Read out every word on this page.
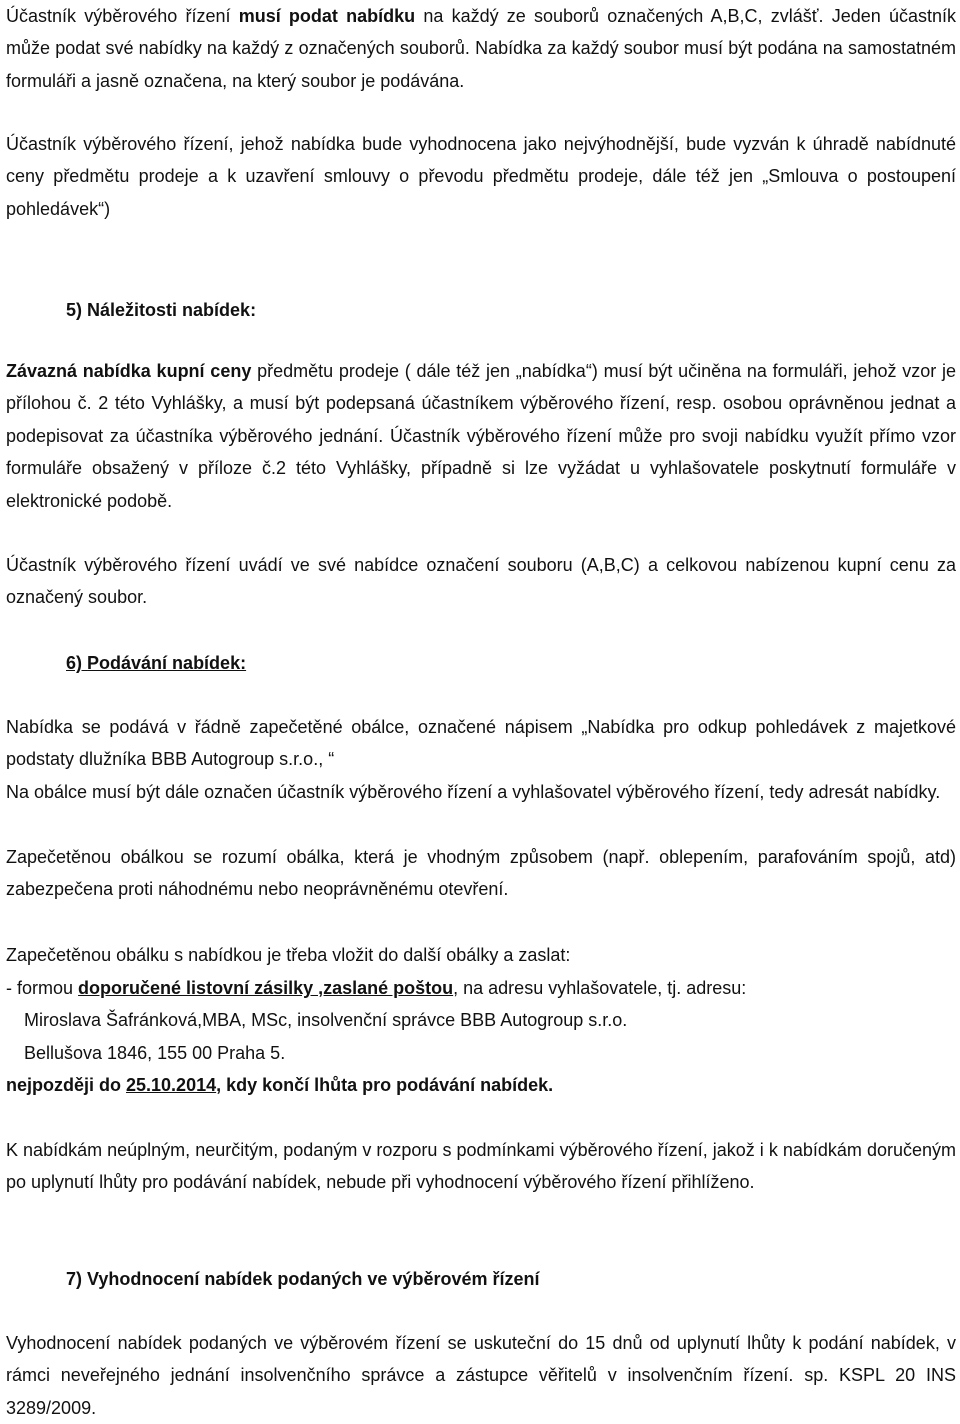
Účastník výběrového řízení musí podat nabídku na každý ze souborů označených A,B,C, zvlášť. Jeden účastník může podat své nabídky na každý z označených souborů. Nabídka za každý soubor musí být podána na samostatném formuláři a jasně označena, na který soubor je podávána.

Účastník výběrového řízení, jehož nabídka bude vyhodnocena jako nejvýhodnější, bude vyzván k úhradě nabídnuté ceny předmětu prodeje a k uzavření smlouvy o převodu předmětu prodeje, dále též jen „Smlouva o postoupení pohledávek“)

5) Náležitosti nabídek:

Závazná nabídka kupní ceny předmětu prodeje ( dále též jen „nabídka“) musí být učiněna na formuláři, jehož vzor je přílohou č. 2 této Vyhlášky, a musí být podepsaná účastníkem výběrového řízení, resp. osobou oprávněnou jednat a podepisovat za účastníka výběrového jednání. Účastník výběrového řízení může pro svoji nabídku využít přímo vzor formuláře obsažený v příloze č.2 této Vyhlášky, případně si lze vyžádat u vyhlašovatele poskytnutí formuláře v elektronické podobě.

Účastník výběrového řízení uvádí ve své nabídce označení souboru (A,B,C) a celkovou nabízenou kupní cenu za označený soubor.

6) Podávání nabídek:

Nabídka se podává v řádně zapečetěné obálce, označené nápisem „Nabídka pro odkup pohledávek z majetkové podstaty dlužníka BBB Autogroup s.r.o., “

Na obálce musí být dále označen účastník výběrového řízení a vyhlašovatel výběrového řízení, tedy adresát nabídky.

Zapečetěnou obálkou se rozumí obálka, která je vhodným způsobem (např. oblepením, parafováním spojů, atd) zabezpečena proti náhodnému nebo neoprávněnému otevření.

Zapečetěnou obálku s nabídkou je třeba vložit do další obálky a zaslat:

- formou doporučené listovní zásilky ,zaslané poštou, na adresu vyhlašovatele, tj. adresu:

Miroslava Šafránková,MBA, MSc, insolvenční správce BBB Autogroup s.r.o.

Bellušova 1846, 155 00 Praha 5.

nejpozději do 25.10.2014, kdy končí lhůta pro podávání nabídek.

K nabídkám neúplným, neurčitým, podaným v rozporu s podmínkami výběrového řízení, jakož i k nabídkám doručeným po uplynutí lhůty pro podávání nabídek, nebude při vyhodnocení výběrového řízení přihlíženo.

7) Vyhodnocení nabídek podaných ve výběrovém řízení

Vyhodnocení nabídek podaných ve výběrovém řízení se uskuteční do 15 dnů od uplynutí lhůty k podání nabídek, v rámci neveřejného jednání insolvenčního správce a zástupce věřitelů v insolvenčním řízení. sp. KSPL 20 INS 3289/2009.
